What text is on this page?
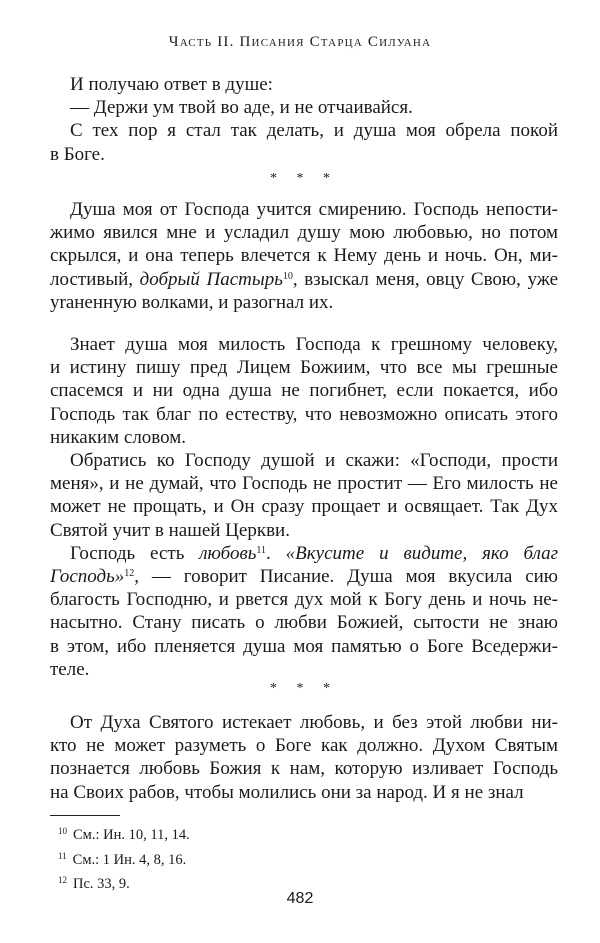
Часть II. Писания Старца Силуана
И получаю ответ в душе:
— Держи ум твой во аде, и не отчаивайся.
С тех пор я стал так делать, и душа моя обрела покой
в Боге.
* * *
Душа моя от Господа учится смирению. Господь непости-
жимо явился мне и усладил душу мою любовью, но потом
скрылся, и она теперь влечется к Нему день и ночь. Он, ми-
лостивый, добрый Пастырь$^{10}$, взыскал меня, овцу Свою, уже
уraненную волками, и разогнал их.
Знает душа моя милость Господа к грешному человеку,
и истину пишу пред Лицем Божиим, что все мы грешные
спасемся и ни одна душа не погибнет, если покается, ибо
Господь так благ по естеству, что невозможно описать этого
никаким словом.
Обратись ко Господу душой и скажи: «Господи, прости
меня», и не думай, что Господь не простит — Его милость не
может не прощать, и Он сразу прощает и освящает. Так Дух
Святой учит в нашей Церкви.
Господь есть любовь$^{11}$. «Вкусите и видите, яко благ
Господь»$^{12}$, — говорит Писание. Душа моя вкусила сию
благость Господню, и рвется дух мой к Богу день и ночь не-
насытно. Стану писать о любви Божией, сытости не знаю
в этом, ибо пленяется душа моя памятью о Боге Вседержи-
теле.
* * *
От Духа Святого истекает любовь, и без этой любви ни-
кто не может разуметь о Боге как должно. Духом Святым
познается любовь Божия к нам, которую изливает Господь
на Своих рабов, чтобы молились они за народ. И я не знал
$^{10}$ См.: Ин. 10, 11, 14.
$^{11}$ См.: 1 Ин. 4, 8, 16.
$^{12}$ Пс. 33, 9.
482
